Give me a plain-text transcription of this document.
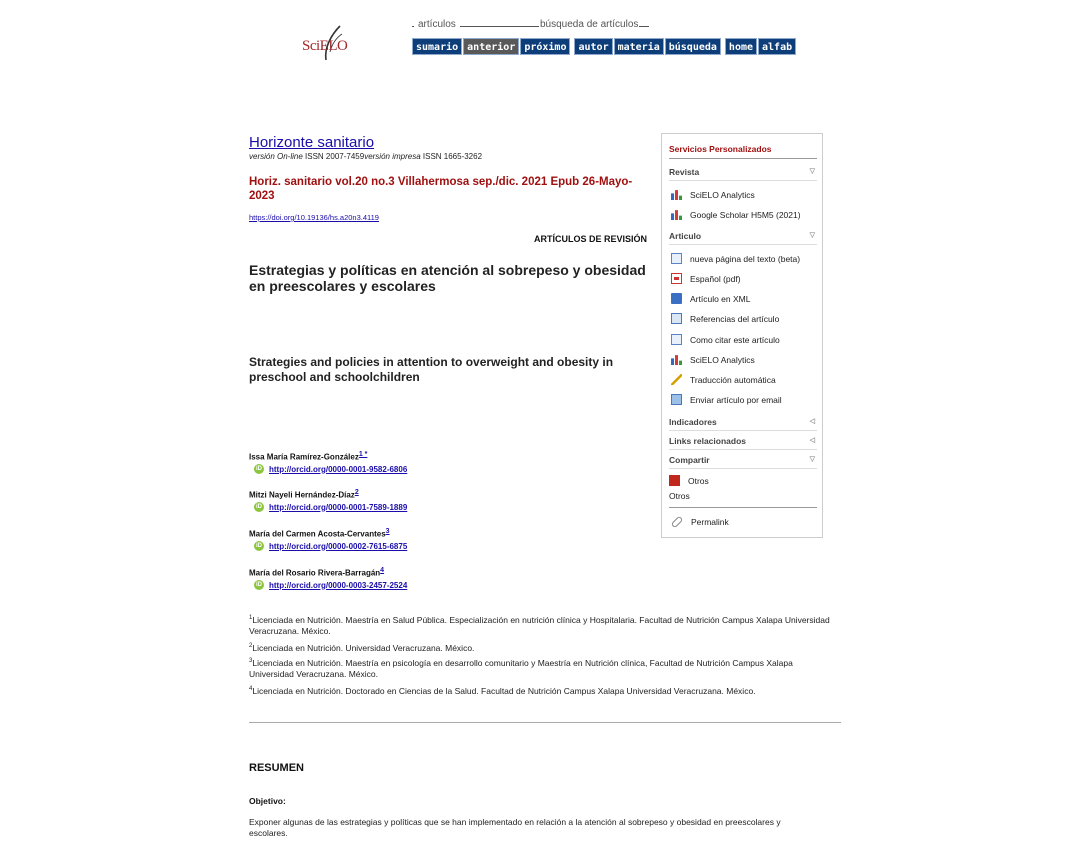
SciELO
artículos	búsqueda de artículos
sumario anterior próximo	autor materia búsqueda	home alfab
Horizonte sanitario
versión On-line ISSN 2007-7459versión impresa ISSN 1665-3262
Horiz. sanitario vol.20 no.3 Villahermosa sep./dic. 2021 Epub 26-Mayo-2023
https://doi.org/10.19136/hs.a20n3.4119
ARTÍCULOS DE REVISIÓN
Estrategias y políticas en atención al sobrepeso y obesidad en preescolares y escolares
Strategies and policies in attention to overweight and obesity in preschool and schoolchildren
Issa María Ramírez-González$^{1 *}$
iD http://orcid.org/0000-0001-9582-6806
Mitzi Nayeli Hernández-Díaz$^2$
iD http://orcid.org/0000-0001-7589-1889
María del Carmen Acosta-Cervantes$^3$
iD http://orcid.org/0000-0002-7615-6875
María del Rosario Rivera-Barragán$^4$
iD http://orcid.org/0000-0003-2457-2524
$^1$Licenciada en Nutrición. Maestría en Salud Pública. Especialización en nutrición clínica y Hospitalaria. Facultad de Nutrición Campus Xalapa Universidad Veracruzana. México.
$^2$Licenciada en Nutrición. Universidad Veracruzana. México.
$^3$Licenciada en Nutrición. Maestría en psicología en desarrollo comunitario y Maestría en Nutrición clínica, Facultad de Nutrición Campus Xalapa Universidad Veracruzana. México.
$^4$Licenciada en Nutrición. Doctorado en Ciencias de la Salud. Facultad de Nutrición Campus Xalapa Universidad Veracruzana. México.
RESUMEN
Objetivo:
Exponer algunas de las estrategias y políticas que se han implementado en relación a la atención al sobrepeso y obesidad en preescolares y escolares.
Servicios Personalizados
Revista	▽
SciELO Analytics
Google Scholar H5M5 (2021)
Articulo	▽
nueva página del texto (beta)
Español (pdf)
Artículo en XML
Referencias del artículo
Como citar este artículo
SciELO Analytics
Traducción automática
Enviar artículo por email
Indicadores	◁
Links relacionados	◁
Compartir	▽
Otros
Otros
Permalink
